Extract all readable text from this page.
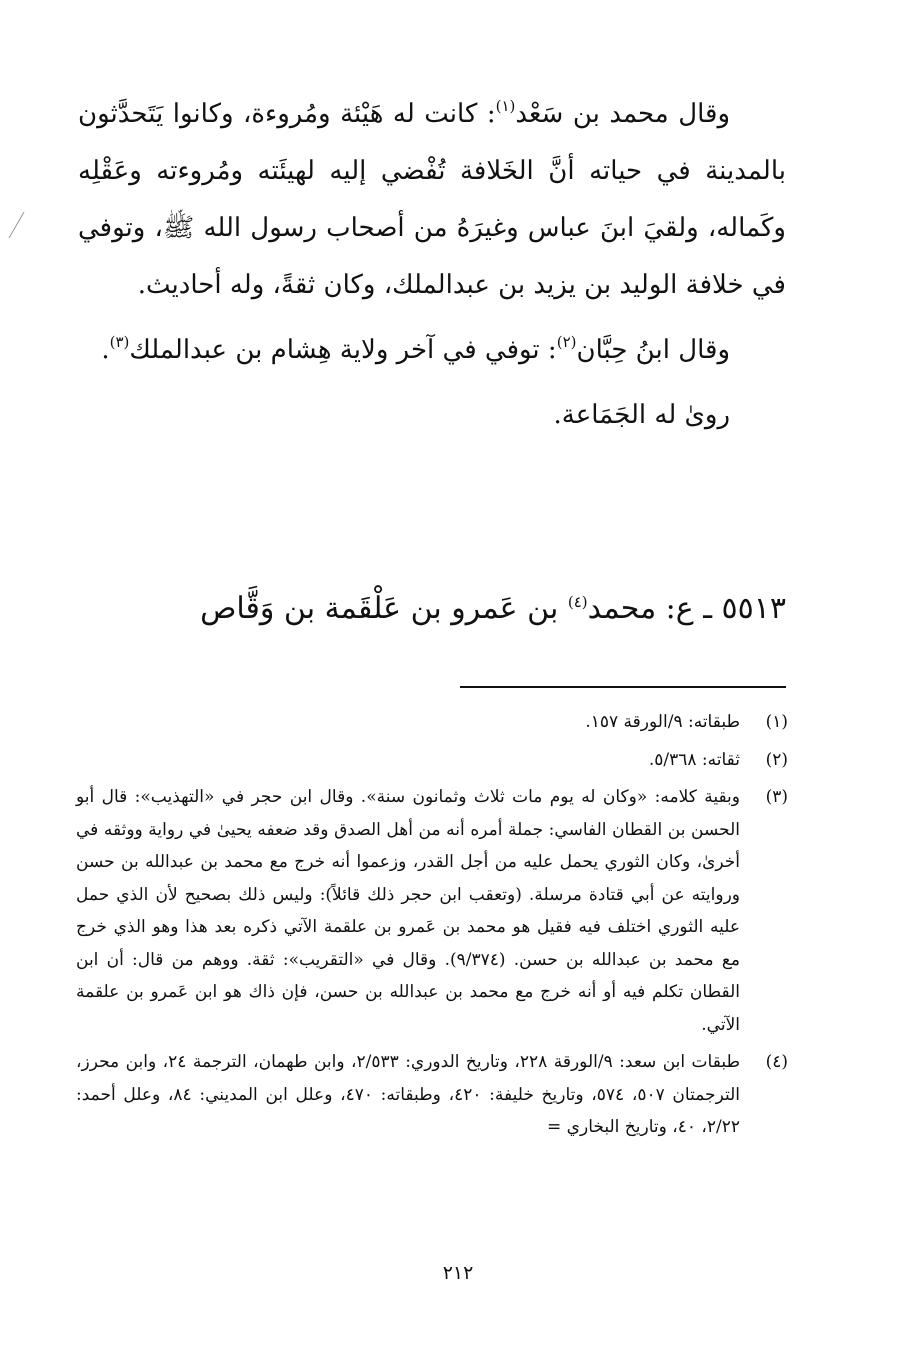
وقال محمد بن سَعْد$^{(١)}$: كانت له هَيْئة ومُروءة، وكانوا يَتَحدَّثون بالمدينة في حياته أنَّ الخَلافة تُفْضي إليه لهيئَته ومُروءته وعَقْلِه وكَماله، ولقيَ ابنَ عباس وغيرَهُ من أصحاب رسول الله ﷺ، وتوفي في خلافة الوليد بن يزيد بن عبدالملك، وكان ثقةً، وله أحاديث.

وقال ابنُ حِبَّان$^{(٢)}$: توفي في آخر ولاية هِشام بن عبدالملك$^{(٣)}$.

روىٰ له الجَمَاعة.

٥٥١٣ ـ ع: محمد$^{(٤)}$ بن عَمرو بن عَلْقَمة بن وَقَّاص
(١)
طبقاته: ٩/الورقة ١٥٧.
(٢)
ثقاته: ٥/٣٦٨.
(٣)
وبقية كلامه: «وكان له يوم مات ثلاث وثمانون سنة». وقال ابن حجر في «التهذيب»: قال أبو الحسن بن القطان الفاسي: جملة أمره أنه من أهل الصدق وقد ضعفه يحيىٰ في رواية ووثقه في أخرىٰ، وكان الثوري يحمل عليه من أجل القدر، وزعموا أنه خرج مع محمد بن عبدالله بن حسن وروايته عن أبي قتادة مرسلة. (وتعقب ابن حجر ذلك قائلاً): وليس ذلك بصحيح لأن الذي حمل عليه الثوري اختلف فيه فقيل هو محمد بن عَمرو بن علقمة الآتي ذكره بعد هذا وهو الذي خرج مع محمد بن عبدالله بن حسن. (٩/٣٧٤). وقال في «التقريب»: ثقة. ووهم من قال: أن ابن القطان تكلم فيه أو أنه خرج مع محمد بن عبدالله بن حسن، فإن ذاك هو ابن عَمرو بن علقمة الآتي.
(٤)
طبقات ابن سعد: ٩/الورقة ٢٢٨، وتاريخ الدوري: ٢/٥٣٣، وابن طهمان، الترجمة ٢٤، وابن محرز، الترجمتان ٥٠٧، ٥٧٤، وتاريخ خليفة: ٤٢٠، وطبقاته: ٤٧٠، وعلل ابن المديني: ٨٤، وعلل أحمد: ٢/٢٢، ٤٠، وتاريخ البخاري =
٢١٢
